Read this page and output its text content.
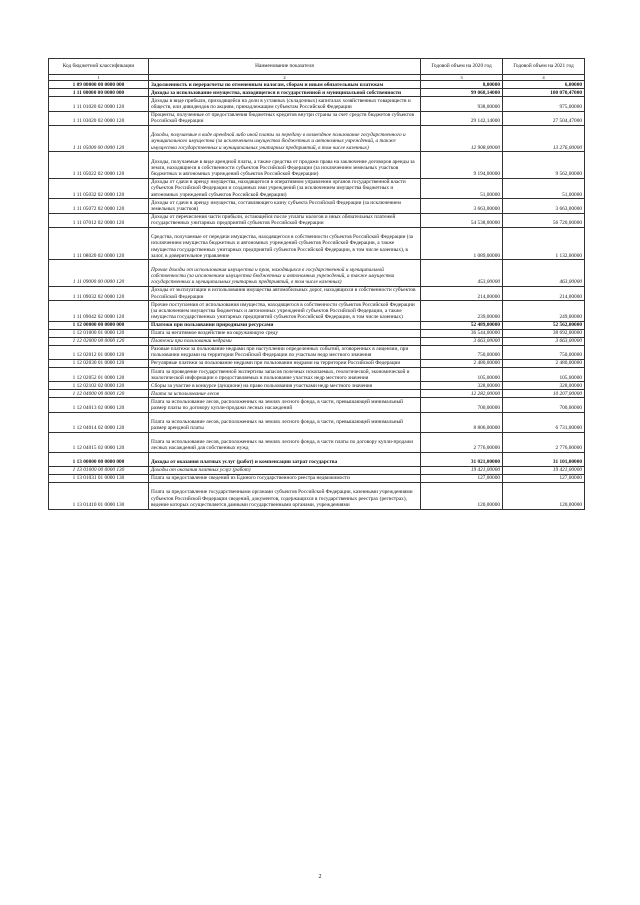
Код бюджетной классификации	Наименование показателя	Годовой объем на 2020 год	Годовой объем на 2021 год
1	2	3	4
1 09 00000 00 0000 000	Задолженность и перерасчеты по отмененным налогам, сборам и иным обязательным платежам	8,00000	6,00000
1 11 00000 00 0000 000	Доходы за использование имущества, находящегося в государственной и муниципальной собственности	99 068,14000	100 070,47000
1 11 01020 02 0000 120	Доходы в виде прибыли, приходящейся на доли в уставных (складочных) капиталах хозяйственных товариществ и обществ, или дивидендов по акциям, принадлежащим субъектам Российской Федерации	938,00000	975,00000
1 11 03020 02 0000 120	Проценты, полученные от предоставления бюджетных кредитов внутри страны за счет средств бюджетов субъектов Российской Федерации	29 142,14000	27 504,47000
1 11 05000 00 0000 120	Доходы, получаемые в виде арендной либо иной платы за передачу в возмездное пользование государственного и муниципального имущества (за исключением имущества бюджетных и автономных учреждений, а также имущества государственных и муниципальных унитарных предприятий, в том числе казенных)	12 908,00000	13 276,00000
1 11 05022 02 0000 120	Доходы, получаемые в виде арендной платы, а также средства от продажи права на заключение договоров аренды за земли, находящиеся в собственности субъектов Российской Федерации (за исключением земельных участков бюджетных и автономных учреждений субъектов Российской Федерации)	9 194,00000	9 562,00000
1 11 05032 02 0000 120	Доходы от сдачи в аренду имущества, находящегося в оперативном управлении органов государственной власти субъектов Российской Федерации и созданных ими учреждений (за исключением имущества бюджетных и автономных учреждений субъектов Российской Федерации)	51,00000	51,00000
1 11 05072 02 0000 120	Доходы от сдачи в аренду имущества, составляющего казну субъекта Российской Федерации (за исключением земельных участков)	3 663,00000	3 663,00000
1 11 07012 02 0000 120	Доходы от перечисления части прибыли, остающейся после уплаты налогов и иных обязательных платежей государственных унитарных предприятий субъектов Российской Федерации	54 538,00000	56 720,00000
1 11 08020 02 0000 120	Средства, получаемые от передачи имущества, находящегося в собственности субъектов Российской Федерации (за исключением имущества бюджетных и автономных учреждений субъектов Российской Федерации, а также имущества государственных унитарных предприятий субъектов Российской Федерации, в том числе казенных), в залог, в доверительное управление	1 089,00000	1 132,00000
1 11 09000 00 0000 120	Прочие доходы от использования имущества и прав, находящихся в государственной и муниципальной собственности (за исключением имущества бюджетных и автономных учреждений, а также имущества государственных и муниципальных унитарных предприятий, в том числе казенных)	453,00000	463,00000
1 11 09032 02 0000 120	Доходы от эксплуатации и использования имущества автомобильных дорог, находящихся в собственности субъектов Российской Федерации	214,00000	214,00000
1 11 09042 02 0000 120	Прочие поступления от использования имущества, находящегося в собственности субъектов Российской Федерации (за исключением имущества бюджетных и автономных учреждений субъектов Российской Федерации, а также имущества государственных унитарных предприятий субъектов Российской Федерации, в том числе казенных)	239,00000	249,00000
1 12 00000 00 0000 000	Платежи при пользовании природными ресурсами	52 489,00000	52 562,00000
1 12 01000 01 0000 120	Плата за негативное воздействие на окружающую среду	36 544,00000	38 692,00000
1 12 02000 00 0000 120	Платежи при пользовании недрами	3 663,00000	3 663,00000
1 12 02012 01 0000 120	Разовые платежи за пользование недрами при наступлении определенных событий, оговоренных в лицензии, при пользовании недрами на территории Российской Федерации по участкам недр местного значения	750,00000	750,00000
1 12 02030 01 0000 120	Регулярные платежи за пользование недрами при пользовании недрами на территории Российской Федерации	2 480,00000	2 480,00000
1 12 02052 01 0000 120	Плата за проведение государственной экспертизы запасов полезных ископаемых, геологической, экономической и экологической информации о предоставляемых в пользование участках недр местного значения	105,00000	105,00000
1 12 02102 02 0000 120	Сборы за участие в конкурсе (аукционе) на право пользования участками недр местного значения	328,00000	328,00000
1 12 04000 00 0000 120	Плата за использование лесов	12 282,00000	10 207,00000
1 12 04013 02 0000 120	Плата за использование лесов, расположенных на землях лесного фонда, в части, превышающей минимальный размер платы по договору купли-продажи лесных насаждений	700,00000	700,00000
1 12 04014 02 0000 120	Плата за использование лесов, расположенных на землях лесного фонда, в части, превышающей минимальный размер арендной платы	8 806,00000	6 731,00000
1 12 04015 02 0000 120	Плата за использование лесов, расположенных на землях лесного фонда, в части платы по договору купли-продажи лесных насаждений для собственных нужд	2 776,00000	2 776,00000
1 13 00000 00 0000 000	Доходы от оказания платных услуг (работ) и компенсации затрат государства	31 021,00000	31 101,00000
1 13 01000 00 0000 130	Доходы от оказания платных услуг (работ)	19 421,00000	19 421,00000
1 13 01031 01 0000 130	Плата за предоставление сведений из Единого государственного реестра недвижимости	127,00000	127,00000
1 13 01410 01 0000 130	Плата за предоставление государственными органами субъектов Российской Федерации, казенными учреждениями субъектов Российской Федерации сведений, документов, содержащихся в государственных реестрах (регистрах), ведение которых осуществляется данными государственными органами, учреждениями	120,00000	120,00000
2
